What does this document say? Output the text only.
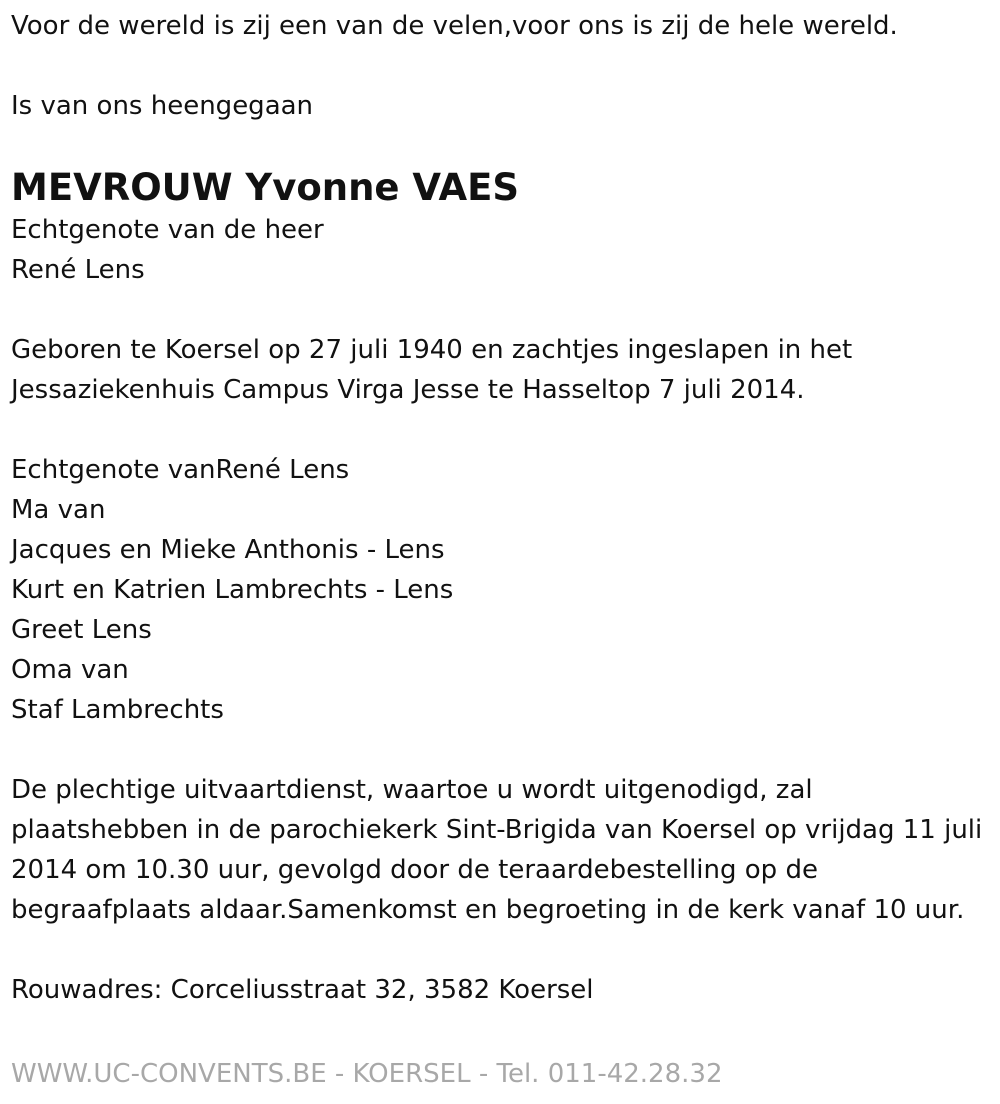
Voor de wereld is zij een van de velen,voor ons is zij de hele wereld.

Is van ons heengegaan

MEVROUW Yvonne VAES

Echtgenote van de heer

René Lens

Geboren te Koersel op 27 juli 1940 en zachtjes ingeslapen in het

Jessaziekenhuis Campus Virga Jesse te Hasseltop 7 juli 2014.

Echtgenote vanRené Lens

Ma van

Jacques en Mieke Anthonis - Lens

Kurt en Katrien Lambrechts - Lens

Greet Lens

Oma van

Staf Lambrechts

De plechtige uitvaartdienst, waartoe u wordt uitgenodigd, zal

plaatshebben in de parochiekerk Sint-Brigida van Koersel op vrijdag 11 juli

2014 om 10.30 uur, gevolgd door de teraardebestelling op de

begraafplaats aldaar.Samenkomst en begroeting in de kerk vanaf 10 uur.

Rouwadres: Corceliusstraat 32, 3582 Koersel

WWW.UC-CONVENTS.BE - KOERSEL - Tel. 011-42.28.32
